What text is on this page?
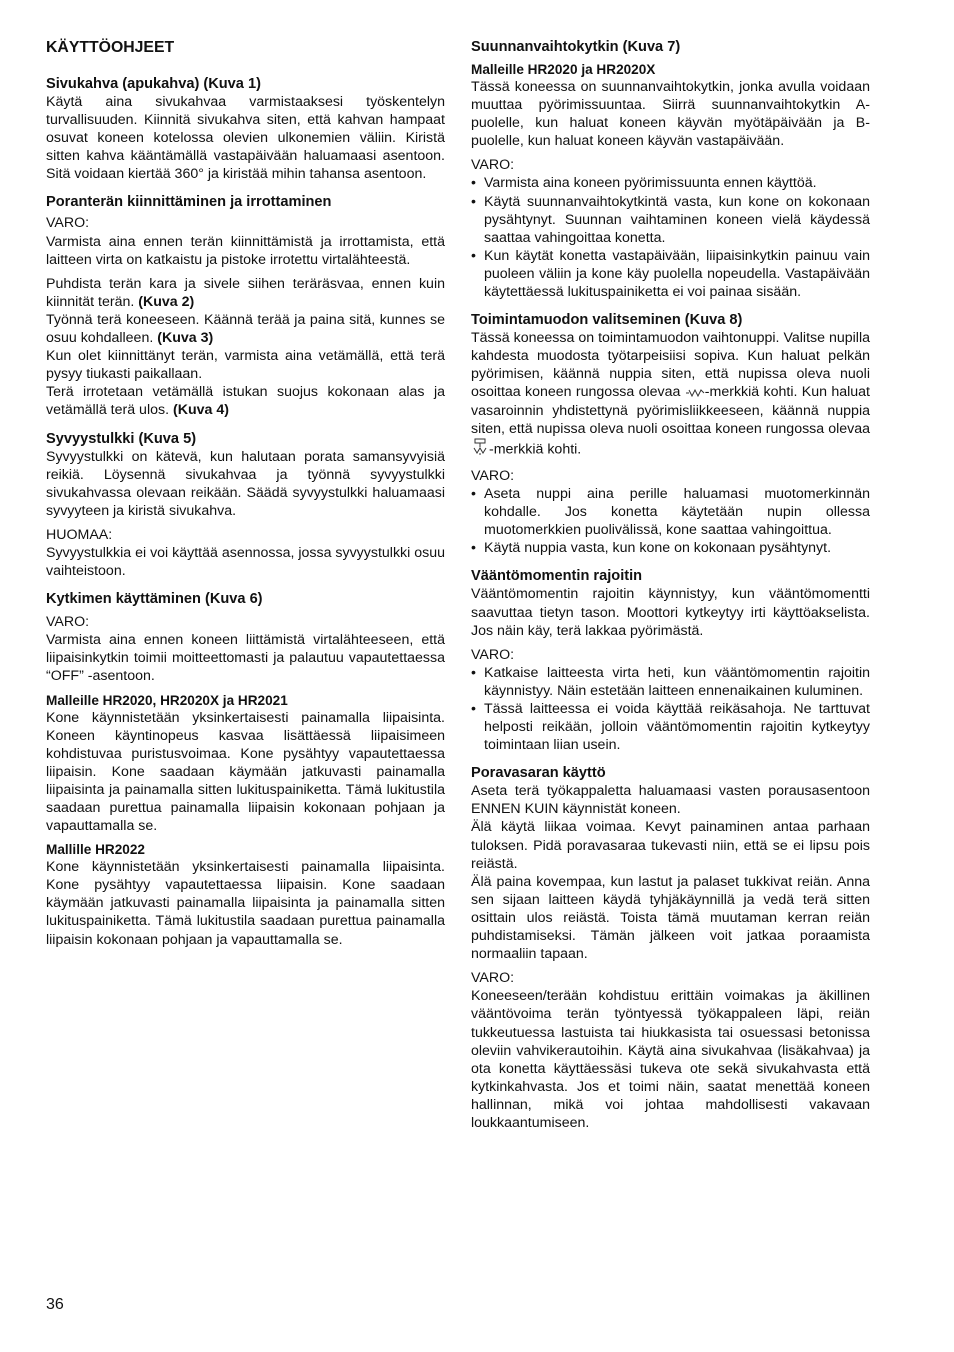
KÄYTTÖOHJEET
Sivukahva (apukahva) (Kuva 1)

Käytä aina sivukahvaa varmistaaksesi työskentelyn turvallisuuden. Kiinnitä sivukahva siten, että kahvan hampaat osuvat koneen kotelossa olevien ulkonemien väliin. Kiristä sitten kahva kääntämällä vastapäivään haluamaasi asentoon. Sitä voidaan kiertää 360° ja kiristää mihin tahansa asentoon.

Poranterän kiinnittäminen ja irrottaminen

VARO:

Varmista aina ennen terän kiinnittämistä ja irrottamista, että laitteen virta on katkaistu ja pistoke irrotettu virtalähteestä.

Puhdista terän kara ja sivele siihen teräräsvaa, ennen kuin kiinnität terän. (Kuva 2)

Työnnä terä koneeseen. Käännä terää ja paina sitä, kunnes se osuu kohdalleen. (Kuva 3)

Kun olet kiinnittänyt terän, varmista aina vetämällä, että terä pysyy tiukasti paikallaan.

Terä irrotetaan vetämällä istukan suojus kokonaan alas ja vetämällä terä ulos. (Kuva 4)

Syvyystulkki (Kuva 5)

Syvyystulkki on kätevä, kun halutaan porata samansyvyisiä reikiä. Löysennä sivukahvaa ja työnnä syvyystulkki sivukahvassa olevaan reikään. Säädä syvyystulkki haluamaasi syvyyteen ja kiristä sivukahva.

HUOMAA:

Syvyystulkkia ei voi käyttää asennossa, jossa syvyystulkki osuu vaihteistoon.

Kytkimen käyttäminen (Kuva 6)

VARO:

Varmista aina ennen koneen liittämistä virtalähteeseen, että liipaisinkytkin toimii moitteettomasti ja palautuu vapautettaessa “OFF” -asentoon.

Malleille HR2020, HR2020X ja HR2021

Kone käynnistetään yksinkertaisesti painamalla liipaisinta. Koneen käyntinopeus kasvaa lisättäessä liipaisimeen kohdistuvaa puristusvoimaa. Kone pysähtyy vapautettaessa liipaisin. Kone saadaan käymään jatkuvasti painamalla liipaisinta ja painamalla sitten lukituspainiketta. Tämä lukitustila saadaan purettua painamalla liipaisin kokonaan pohjaan ja vapauttamalla se.

Mallille HR2022

Kone käynnistetään yksinkertaisesti painamalla liipaisinta. Kone pysähtyy vapautettaessa liipaisin. Kone saadaan käymään jatkuvasti painamalla liipaisinta ja painamalla sitten lukituspainiketta. Tämä lukitustila saadaan purettua painamalla liipaisin kokonaan pohjaan ja vapauttamalla se.

Suunnanvaihtokytkin (Kuva 7)
Malleille HR2020 ja HR2020X

Tässä koneessa on suunnanvaihtokytkin, jonka avulla voidaan muuttaa pyörimissuuntaa. Siirrä suunnanvaihtokytkin A-puolelle, kun haluat koneen käyvän myötäpäivään ja B-puolelle, kun haluat koneen käyvän vastapäivään.

VARO:

• Varmista aina koneen pyörimissuunta ennen käyttöä.
• Käytä suunnanvaihtokytkintä vasta, kun kone on kokonaan pysähtynyt. Suunnan vaihtaminen koneen vielä käydessä saattaa vahingoittaa konetta.
• Kun käytät konetta vastapäivään, liipaisinkytkin painuu vain puoleen väliin ja kone käy puolella nopeudella. Vastapäivään käytettäessä lukituspainiketta ei voi painaa sisään.
Toimintamuodon valitseminen (Kuva 8)

Tässä koneessa on toimintamuodon vaihtonuppi. Valitse nupilla kahdesta muodosta työtarpeisiisi sopiva. Kun haluat pelkän pyörimisen, käännä nuppia siten, että nupissa oleva nuoli osoittaa koneen rungossa olevaa -merkkiä kohti. Kun haluat vasaroinnin yhdistettynä pyörimisliikkeeseen, käännä nuppia siten, että nupissa oleva nuoli osoittaa koneen rungossa olevaa -merkkiä kohti.

VARO:

• Aseta nuppi aina perille haluamasi muotomerkinnän kohdalle. Jos konetta käytetään nupin ollessa muotomerkkien puolivälissä, kone saattaa vahingoittua.
• Käytä nuppia vasta, kun kone on kokonaan pysähtynyt.
Vääntömomentin rajoitin

Vääntömomentin rajoitin käynnistyy, kun vääntömomentti saavuttaa tietyn tason. Moottori kytkeytyy irti käyttöakselista. Jos näin käy, terä lakkaa pyörimästä.

VARO:

• Katkaise laitteesta virta heti, kun vääntömomentin rajoitin käynnistyy. Näin estetään laitteen ennenaikainen kuluminen.
• Tässä laitteessa ei voida käyttää reikäsahoja. Ne tarttuvat helposti reikään, jolloin vääntömomentin rajoitin kytkeytyy toimintaan liian usein.
Poravasaran käyttö

Aseta terä työkappaletta haluamaasi vasten porausasentoon ENNEN KUIN käynnistät koneen.

Älä käytä liikaa voimaa. Kevyt painaminen antaa parhaan tuloksen. Pidä poravasaraa tukevasti niin, että se ei lipsu pois reiästä.

Älä paina kovempaa, kun lastut ja palaset tukkivat reiän. Anna sen sijaan laitteen käydä tyhjäkäynnillä ja vedä terä sitten osittain ulos reiästä. Toista tämä muutaman kerran reiän puhdistamiseksi. Tämän jälkeen voit jatkaa poraamista normaaliin tapaan.

VARO:

Koneeseen/terään kohdistuu erittäin voimakas ja äkillinen vääntövoima terän työntyessä työkappaleen läpi, reiän tukkeutuessa lastuista tai hiukkasista tai osuessasi betonissa oleviin vahvikerautoihin. Käytä aina sivukahvaa (lisäkahvaa) ja ota konetta käyttäessäsi tukeva ote sekä sivukahvasta että kytkinkahvasta. Jos et toimi näin, saatat menettää koneen hallinnan, mikä voi johtaa mahdollisesti vakavaan loukkaantumiseen.

36
